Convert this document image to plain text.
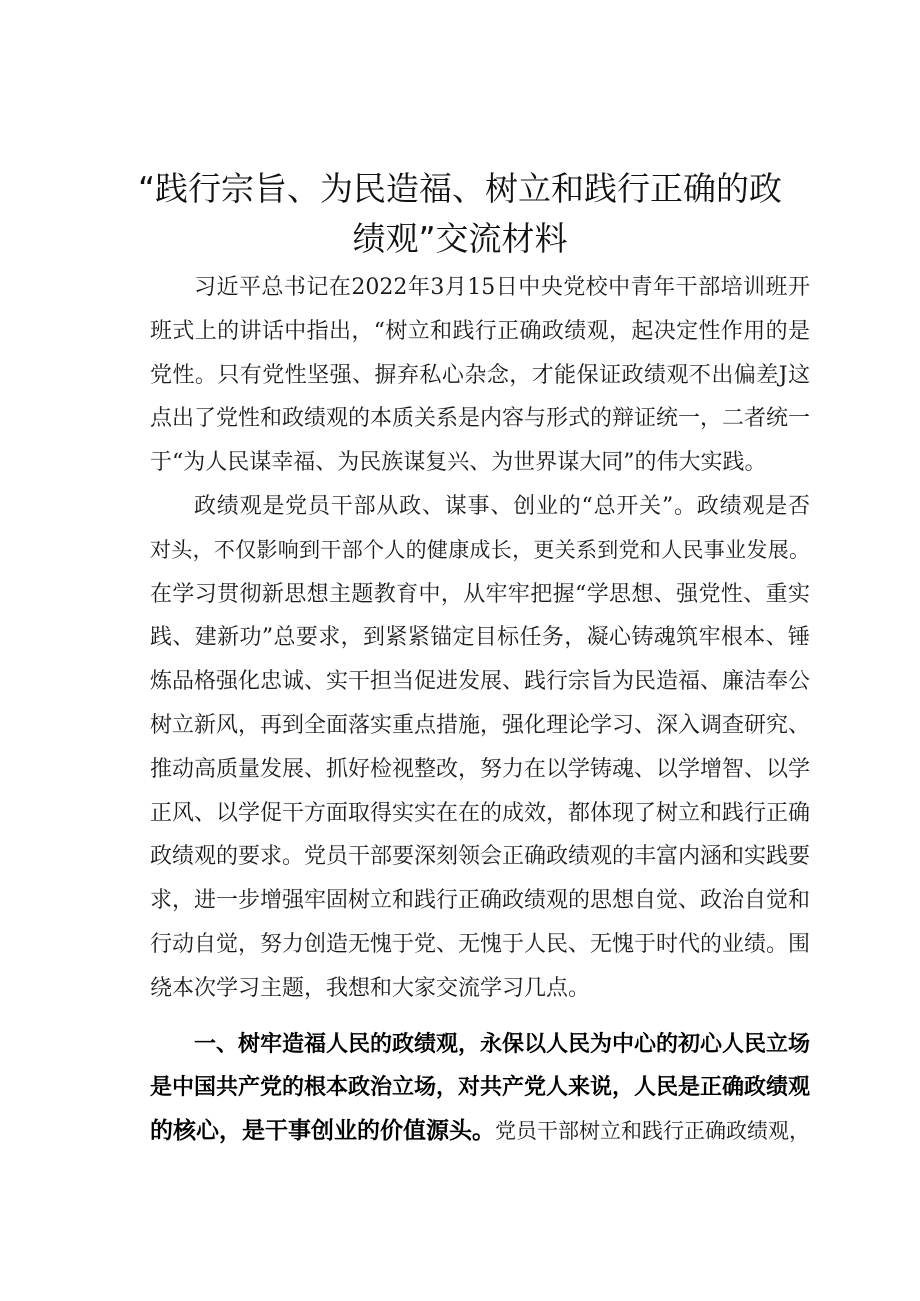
“践行宗旨、为民造福、树立和践行正确的政
绩观”交流材料
习近平总书记在2022年3月15日中央党校中青年干部培训班开
班式上的讲话中指出，“树立和践行正确政绩观，起决定性作用的是
党性。只有党性坚强、摒弃私心杂念，才能保证政绩观不出偏差J这
点出了党性和政绩观的本质关系是内容与形式的辩证统一，二者统一
于“为人民谋幸福、为民族谋复兴、为世界谋大同”的伟大实践。
政绩观是党员干部从政、谋事、创业的“总开关”。政绩观是否
对头，不仅影响到干部个人的健康成长，更关系到党和人民事业发展。
在学习贯彻新思想主题教育中，从牢牢把握“学思想、强党性、重实
践、建新功”总要求，到紧紧锚定目标任务，凝心铸魂筑牢根本、锤
炼品格强化忠诚、实干担当促进发展、践行宗旨为民造福、廉洁奉公
树立新风，再到全面落实重点措施，强化理论学习、深入调查研究、
推动高质量发展、抓好检视整改，努力在以学铸魂、以学增智、以学
正风、以学促干方面取得实实在在的成效，都体现了树立和践行正确
政绩观的要求。党员干部要深刻领会正确政绩观的丰富内涵和实践要
求，进一步增强牢固树立和践行正确政绩观的思想自觉、政治自觉和
行动自觉，努力创造无愧于党、无愧于人民、无愧于时代的业绩。围
绕本次学习主题，我想和大家交流学习几点。
一、树牢造福人民的政绩观，永保以人民为中心的初心人民立场
是中国共产党的根本政治立场，对共产党人来说，人民是正确政绩观
的核心，是干事创业的价值源头。党员干部树立和践行正确政绩观，
